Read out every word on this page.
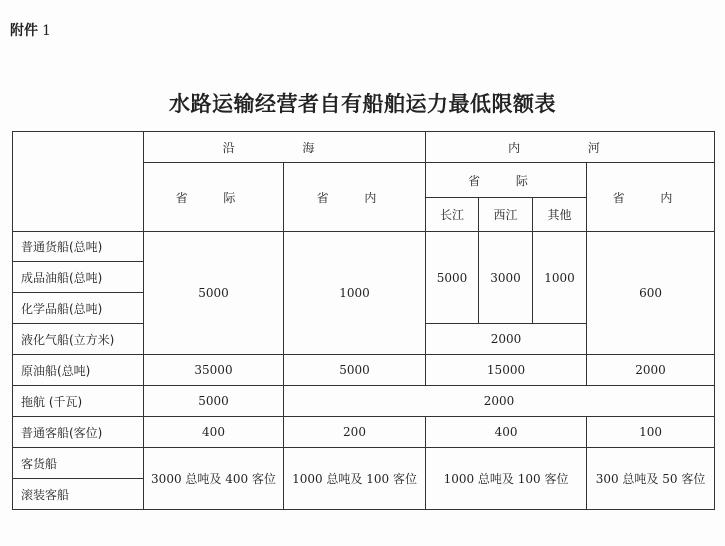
附件 1
水路运输经营者自有船舶运力最低限额表
	沿 海		内 河			
	省 际	省 内	省 际			省 内
			长江	西江	其他	
普通货船(总吨)	5000	1000	5000	3000	1000	600
成品油船(总吨)						
化学品船(总吨)						
液化气船(立方米)			2000			
原油船(总吨)	35000	5000	15000			2000
拖航 (千瓦)	5000	2000				
普通客船(客位)	400	200	400			100
客货船	3000 总吨及 400 客位	1000 总吨及 100 客位	1000 总吨及 100 客位			300 总吨及 50 客位
滚装客船						
